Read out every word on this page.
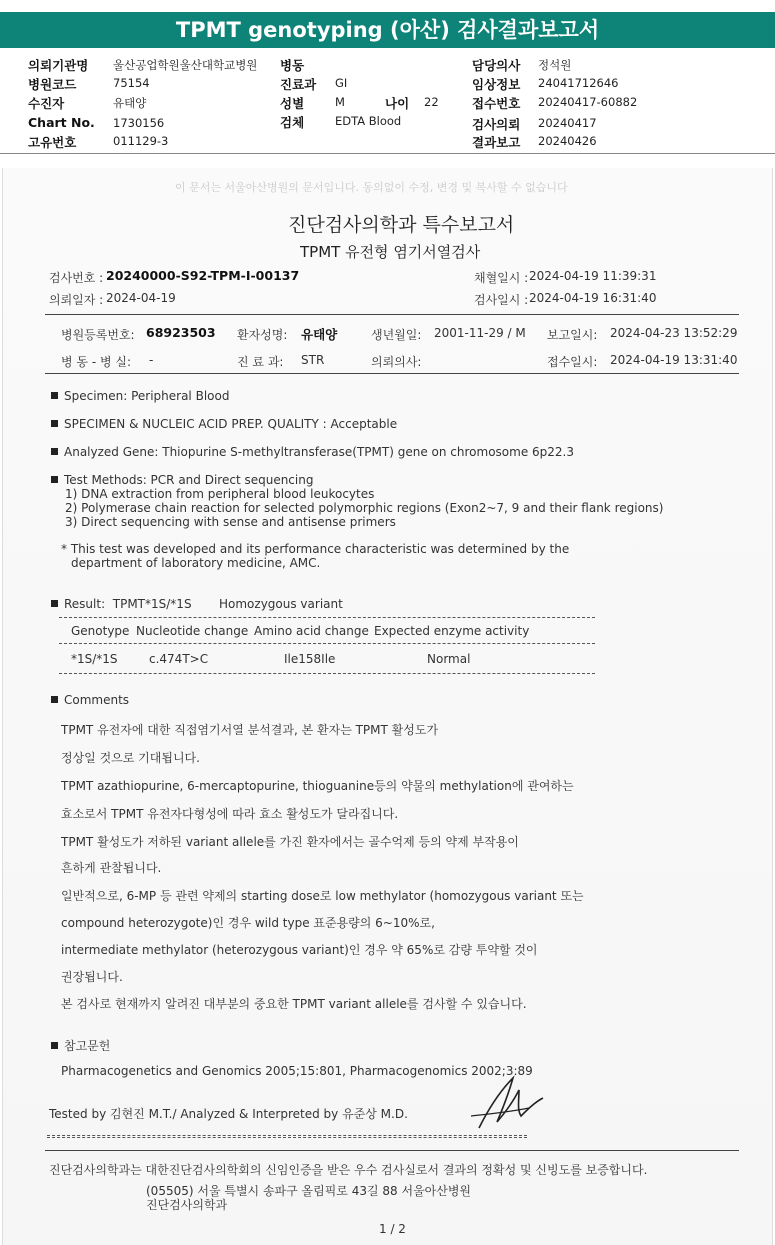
TPMT genotyping (아산) 검사결과보고서
의뢰기관명 울산공업학원울산대학교병원 병동	담당의사 정석원
병원코드	75154	진료과 GI	임상정보 24041712646
수진자	유태양	성별	M	나이 22	접수번호 20240417-60882
Chart No. 1730156	검체	EDTA Blood	검사의뢰 20240417
고유번호	011129-3	결과보고 20240426
이 문서는 서울아산병원의 문서입니다. 동의없이 수정, 변경 및 복사할 수 없습니다
진단검사의학과 특수보고서
TPMT 유전형 염기서열검사
검사번호 : 20240000-S92-TPM-I-00137	채혈일시 : 2024-04-19 11:39:31
의뢰일자 : 2024-04-19	검사일시 : 2024-04-19 16:31:40
병원등록번호: 68923503 환자성명: 유태양	생년월일: 2001-11-29 / M 보고일시: 2024-04-23 13:52:29
병 동 - 병 실: -	진 료 과: STR	의뢰의사:	접수일시: 2024-04-19 13:31:40
Specimen: Peripheral Blood
SPECIMEN & NUCLEIC ACID PREP. QUALITY : Acceptable
Analyzed Gene: Thiopurine S-methyltransferase(TPMT) gene on chromosome 6p22.3
Test Methods: PCR and Direct sequencing
1) DNA extraction from peripheral blood leukocytes
2) Polymerase chain reaction for selected polymorphic regions (Exon2~7, 9 and their flank regions)
3) Direct sequencing with sense and antisense primers
* This test was developed and its performance characteristic was determined by the
department of laboratory medicine, AMC.
Result: TPMT*1S/*1S Homozygous variant
Genotype Nucleotide change Amino acid change Expected enzyme activity
*1S/*1S	c.474T>C	Ile158Ile	Normal
Comments
TPMT 유전자에 대한 직접염기서열 분석결과, 본 환자는 TPMT 활성도가
정상일 것으로 기대됩니다.
TPMT azathiopurine, 6-mercaptopurine, thioguanine등의 약물의 methylation에 관여하는
효소로서 TPMT 유전자다형성에 따라 효소 활성도가 달라집니다.
TPMT 활성도가 저하된 variant allele를 가진 환자에서는 골수억제 등의 약제 부작용이
흔하게 관찰됩니다.
일반적으로, 6-MP 등 관련 약제의 starting dose로 low methylator (homozygous variant 또는
compound heterozygote)인 경우 wild type 표준용량의 6~10%로,
intermediate methylator (heterozygous variant)인 경우 약 65%로 감량 투약할 것이
권장됩니다.
본 검사로 현재까지 알려진 대부분의 중요한 TPMT variant allele를 검사할 수 있습니다.
참고문헌
Pharmacogenetics and Genomics 2005;15:801, Pharmacogenomics 2002;3:89
Tested by 김현진 M.T./ Analyzed & Interpreted by 유준상 M.D.
진단검사의학과는 대한진단검사의학회의 신임인증을 받은 우수 검사실로서 결과의 정확성 및 신빙도를 보증합니다.
(05505) 서울 특별시 송파구 올림픽로 43길 88 서울아산병원
진단검사의학과
1 / 2
